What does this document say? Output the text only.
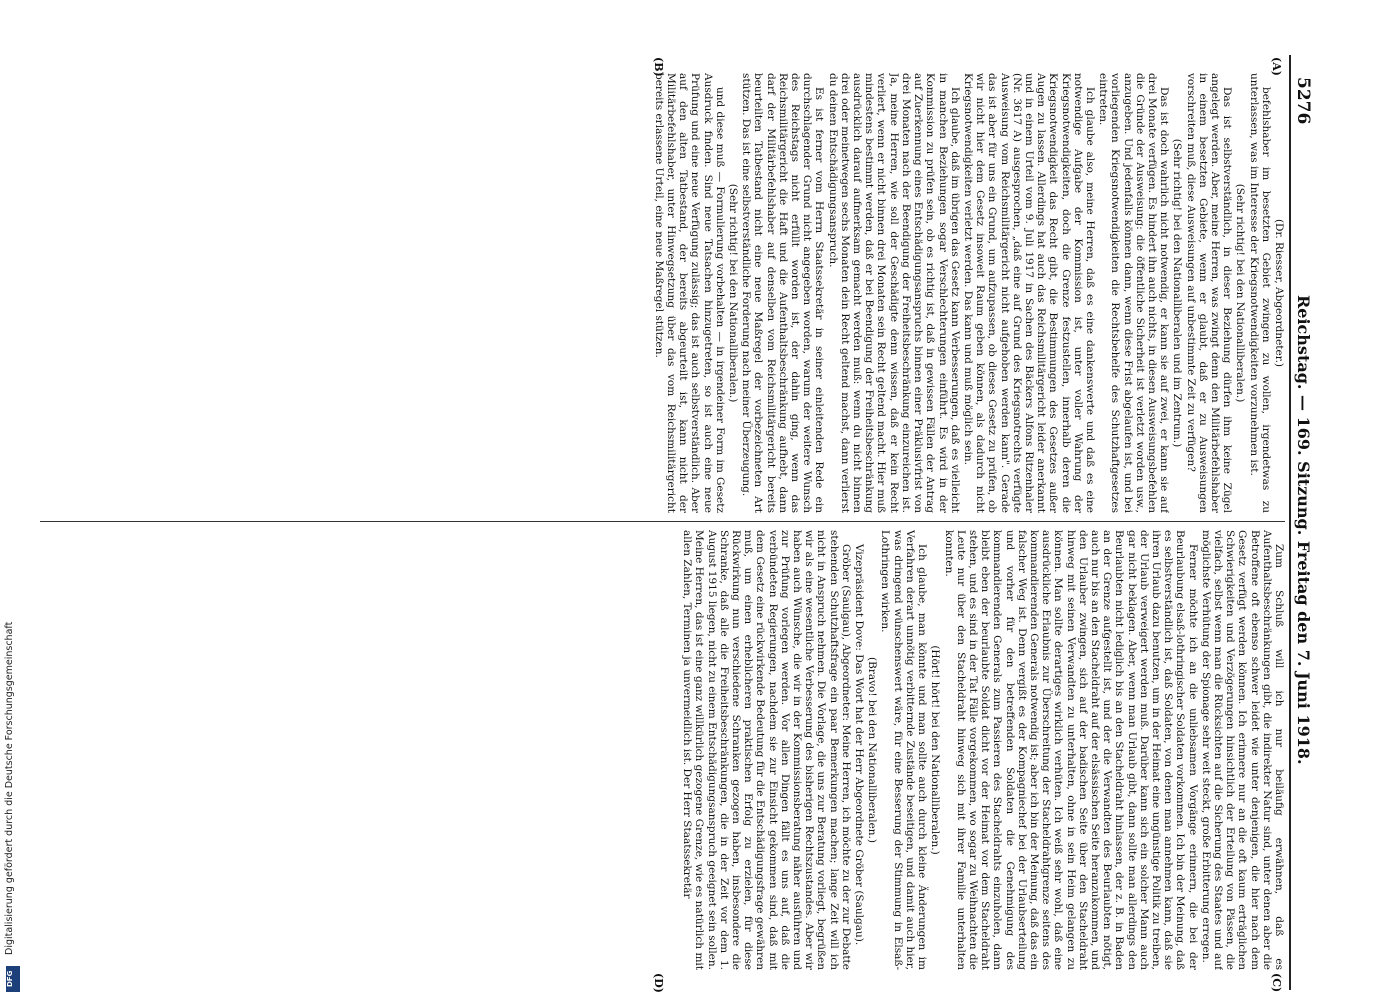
5276
Reichstag. — 169. Sitzung. Freitag den 7. Juni 1918.
(A)
(B)
(C)
(D)

(Dr. Riesser, Abgeordneter.)

befehlshaber im besetzten Gebiet zwingen zu wollen, irgendetwas zu unterlassen, was im Interesse der Kriegsnotwendigkeiten vorzunehmen ist.

(Sehr richtig! bei den Nationalliberalen.)

Das ist selbstverständlich, in dieser Beziehung dürfen ihm keine Zügel angelegt werden. Aber, meine Herren, was zwingt denn den Militärbefehlshaber in einem besetzten Gebiete, wenn er glaubt, daß er zu Ausweisungen vorschreiten muß, diese Ausweisungen auf unbestimmte Zeit zu verfügen?

(Sehr richtig! bei den Nationalliberalen und im Zentrum.)

Das ist doch wahrlich nicht notwendig, er kann sie auf zwei, er kann sie auf drei Monate verfügen. Es hindert ihn auch nichts, in diesen Ausweisungsbefehlen die Gründe der Ausweisung: die öffentliche Sicherheit ist verletzt worden usw., anzugeben. Und jedenfalls können dann, wenn diese Frist abgelaufen ist, und bei vorliegenden Kriegsnotwendigkeiten die Rechtsbehelfe des Schutzhaftgesetzes eintreten.

Ich glaube also, meine Herren, daß es eine dankenswerte und daß es eine notwendige Aufgabe der Kommission ist, unter voller Wahrung der Kriegsnotwendigkeiten, doch die Grenze festzustellen, innerhalb deren die Kriegsnotwendigkeit das Recht gibt, die Bestimmungen des Gesetzes außer Augen zu lassen. Allerdings hat auch das Reichsmilitärgericht leider anerkannt und in einem Urteil vom 9. Juli 1917 in Sachen des Bäckers Alfons Ritzenhaler (Nr. 3617 A) ausgesprochen, „daß eine auf Grund des Kriegsnotrechts verfügte Ausweisung vom Reichsmilitärgericht nicht aufgehoben werden kann". Gerade das ist aber für uns ein Grund, um aufzupassen, ob dieses Gesetz zu prüfen, ob wir nicht hier dem Gesetz insoweit Raum geben können, als dadurch nicht Kriegsnotwendigkeiten verletzt werden. Das kann und muß möglich sein.

Ich glaube, daß im übrigen das Gesetz kann Verbesserungen, daß es vielleicht in manchen Beziehungen sogar Verschlechterungen einführt. Es wird in der Kommission zu prüfen sein, ob es richtig ist, daß in gewissen Fällen der Antrag auf Zuerkennung eines Entschädigungsanspruchs binnen einer Präklusivfrist von drei Monaten nach der Beendigung der Freiheitsbeschränkung einzureichen ist. Ja, meine Herren, wie soll der Geschädigte denn wissen, daß er kein Recht verliert, wenn er nicht binnen drei Monaten sein Recht geltend macht. Hier muß mindestens bestimmt werden, daß er bei Beendigung der Freiheitsbeschränkung ausdrücklich darauf aufmerksam gemacht werden muß: wenn du nicht binnen drei oder meinetwegen sechs Monaten dein Recht geltend machst, dann verlierst du deinen Entschädigungsanspruch.

Es ist ferner vom Herrn Staatssekretär in seiner einleitenden Rede ein durchschlagender Grund nicht angegeben worden, warum der weitere Wunsch des Reichstags nicht erfüllt worden ist, der dahin ging, wenn das Reichsmilitärgericht die Haft und die Aufenthaltsbeschränkung aufhebt, dann darf der Militärbefehlshaber auf denselben vom Reichsmilitärgericht bereits beurteilten Tatbestand nicht eine neue Maßregel der vorbezeichneten Art stützen. Das ist eine selbstverständliche Forderung nach meiner Überzeugung.

(Sehr richtig! bei den Nationalliberalen.)

und diese muß — Formulierung vorbehalten — in irgendeiner Form im Gesetz Ausdruck finden. Sind neue Tatsachen hinzugetreten, so ist auch eine neue Prüfung und eine neue Verfügung zulässig; das ist auch selbstverständlich. Aber auf den alten Tatbestand, der bereits abgeurteilt ist, kann nicht der Militärbefehlshaber, unter Hinwegsetzung über das vom Reichsmilitärgericht bereits erlassene Urteil, eine neue Maßregel stützen.

Zum Schluß will ich nur beiläufig erwähnen, daß es Aufenthaltsbeschränkungen gibt, die indirekter Natur sind, unter denen aber die Betroffene oft ebenso schwer leidet wie unter denjenigen, die hier nach dem Gesetz verfügt werden können. Ich erinnere nur an die oft kaum erträglichen Schwierigkeiten und Verzögerungen hinsichtlich der Erteilung von Pässen, die vielfach, selbst wenn man die Rücksichten auf die Sicherung des Staates und auf möglichste Verhütung der Spionage sehr weit steckt, große Erbitterung erregen.

Ferner möchte ich an die unliebsamen Vorgänge erinnern, die bei der Beurlaubung elsaß-lothringischer Soldaten vorkommen. Ich bin der Meinung, daß es selbstverständlich ist, daß Soldaten, von denen man annehmen kann, daß sie ihren Urlaub dazu benutzen, um in der Heimat eine ungünstige Politik zu treiben, der Urlaub verweigert werden muß. Darüber kann sich ein solcher Mann auch gar nicht beklagen. Aber, wenn man Urlaub gibt, dann sollte man allerdings den Beurlaubten nicht lediglich bis an den Stacheldraht hinlassen, der z. B. in Baden an der Grenze aufgestellt ist, und der die Verwandten des Beurlaubten nötigt, auch nur bis an den Stacheldraht auf der elsässischen Seite heranzukommen, und den Urlauber zwingen, sich auf der badischen Seite über den Stacheldraht hinweg mit seinen Verwandten zu unterhalten, ohne in sein Heim gelangen zu können. Man sollte derartiges wirklich verhüten. Ich weiß sehr wohl, daß eine ausdrückliche Erlaubnis zur Überschreitung der Stacheldrahtgrenze seitens des kommandierenden Generals notwendig ist; aber ich bin der Meinung, daß das ein falscher Weg ist. Denn vergißt es der Kompagniechef bei der Urlaubserteilung und vorher für den betreffenden Soldaten die Genehmigung des kommandierenden Generals zum Passieren des Stacheldrahts einzuholen, dann bleibt eben der beurlaubte Soldat dicht vor der Heimat vor dem Stacheldraht stehen, und es sind in der Tat Fälle vorgekommen, wo sogar zu Weihnachten die Leute nur über den Stacheldraht hinweg sich mit ihrer Familie unterhalten konnten.

(Hört! hört! bei den Nationalliberalen.)

Ich glaube, man könnte und man sollte auch durch kleine Änderungen im Verfahren derart unnötig verbitternde Zustände beseitigen, und damit auch hier, was dringend wünschenswert wäre, für eine Besserung der Stimmung in Elsaß-Lothringen wirken.

(Bravo! bei den Nationalliberalen.)

Vizepräsident Dove: Das Wort hat der Herr Abgeordnete Gröber (Saulgau).

Gröber (Saulgau), Abgeordneter: Meine Herren, ich möchte zu der zur Debatte stehenden Schutzhaftsfrage ein paar Bemerkungen machen; lange Zeit will ich nicht in Anspruch nehmen. Die Vorlage, die uns zur Beratung vorliegt, begrüßen wir als eine wesentliche Verbesserung des bisherigen Rechtszustandes. Aber wir haben auch Wünsche, die wir in der Kommissionsberatung näher ausführen und zur Prüfung vorlegen werden. Vor allen Dingen fällt es uns auf, daß die verbündeten Regierungen, nachdem sie zur Einsicht gekommen sind, daß mit dem Gesetz eine rückwirkende Bedeutung für die Entschädigungsfrage gewähren muß, um einen erheblicheren praktischen Erfolg zu erzielen, für diese Rückwirkung nun verschiedene Schranken gezogen haben, insbesondere die Schranke, daß alle die Freiheitsbeschränkungen, die in der Zeit vor dem 1. August 1915 liegen, nicht zu einem Entschädigungsanspruch geeignet sein sollen. Meine Herren, das ist eine ganz willkürlich gezogene Grenze, wie es natürlich mit allen Zahlen, Terminen ja unvermeidlich ist. Der Herr Staatssekretär

Digitalisierung gefördert durch die Deutsche Forschungsgemeinschaft
DFG
